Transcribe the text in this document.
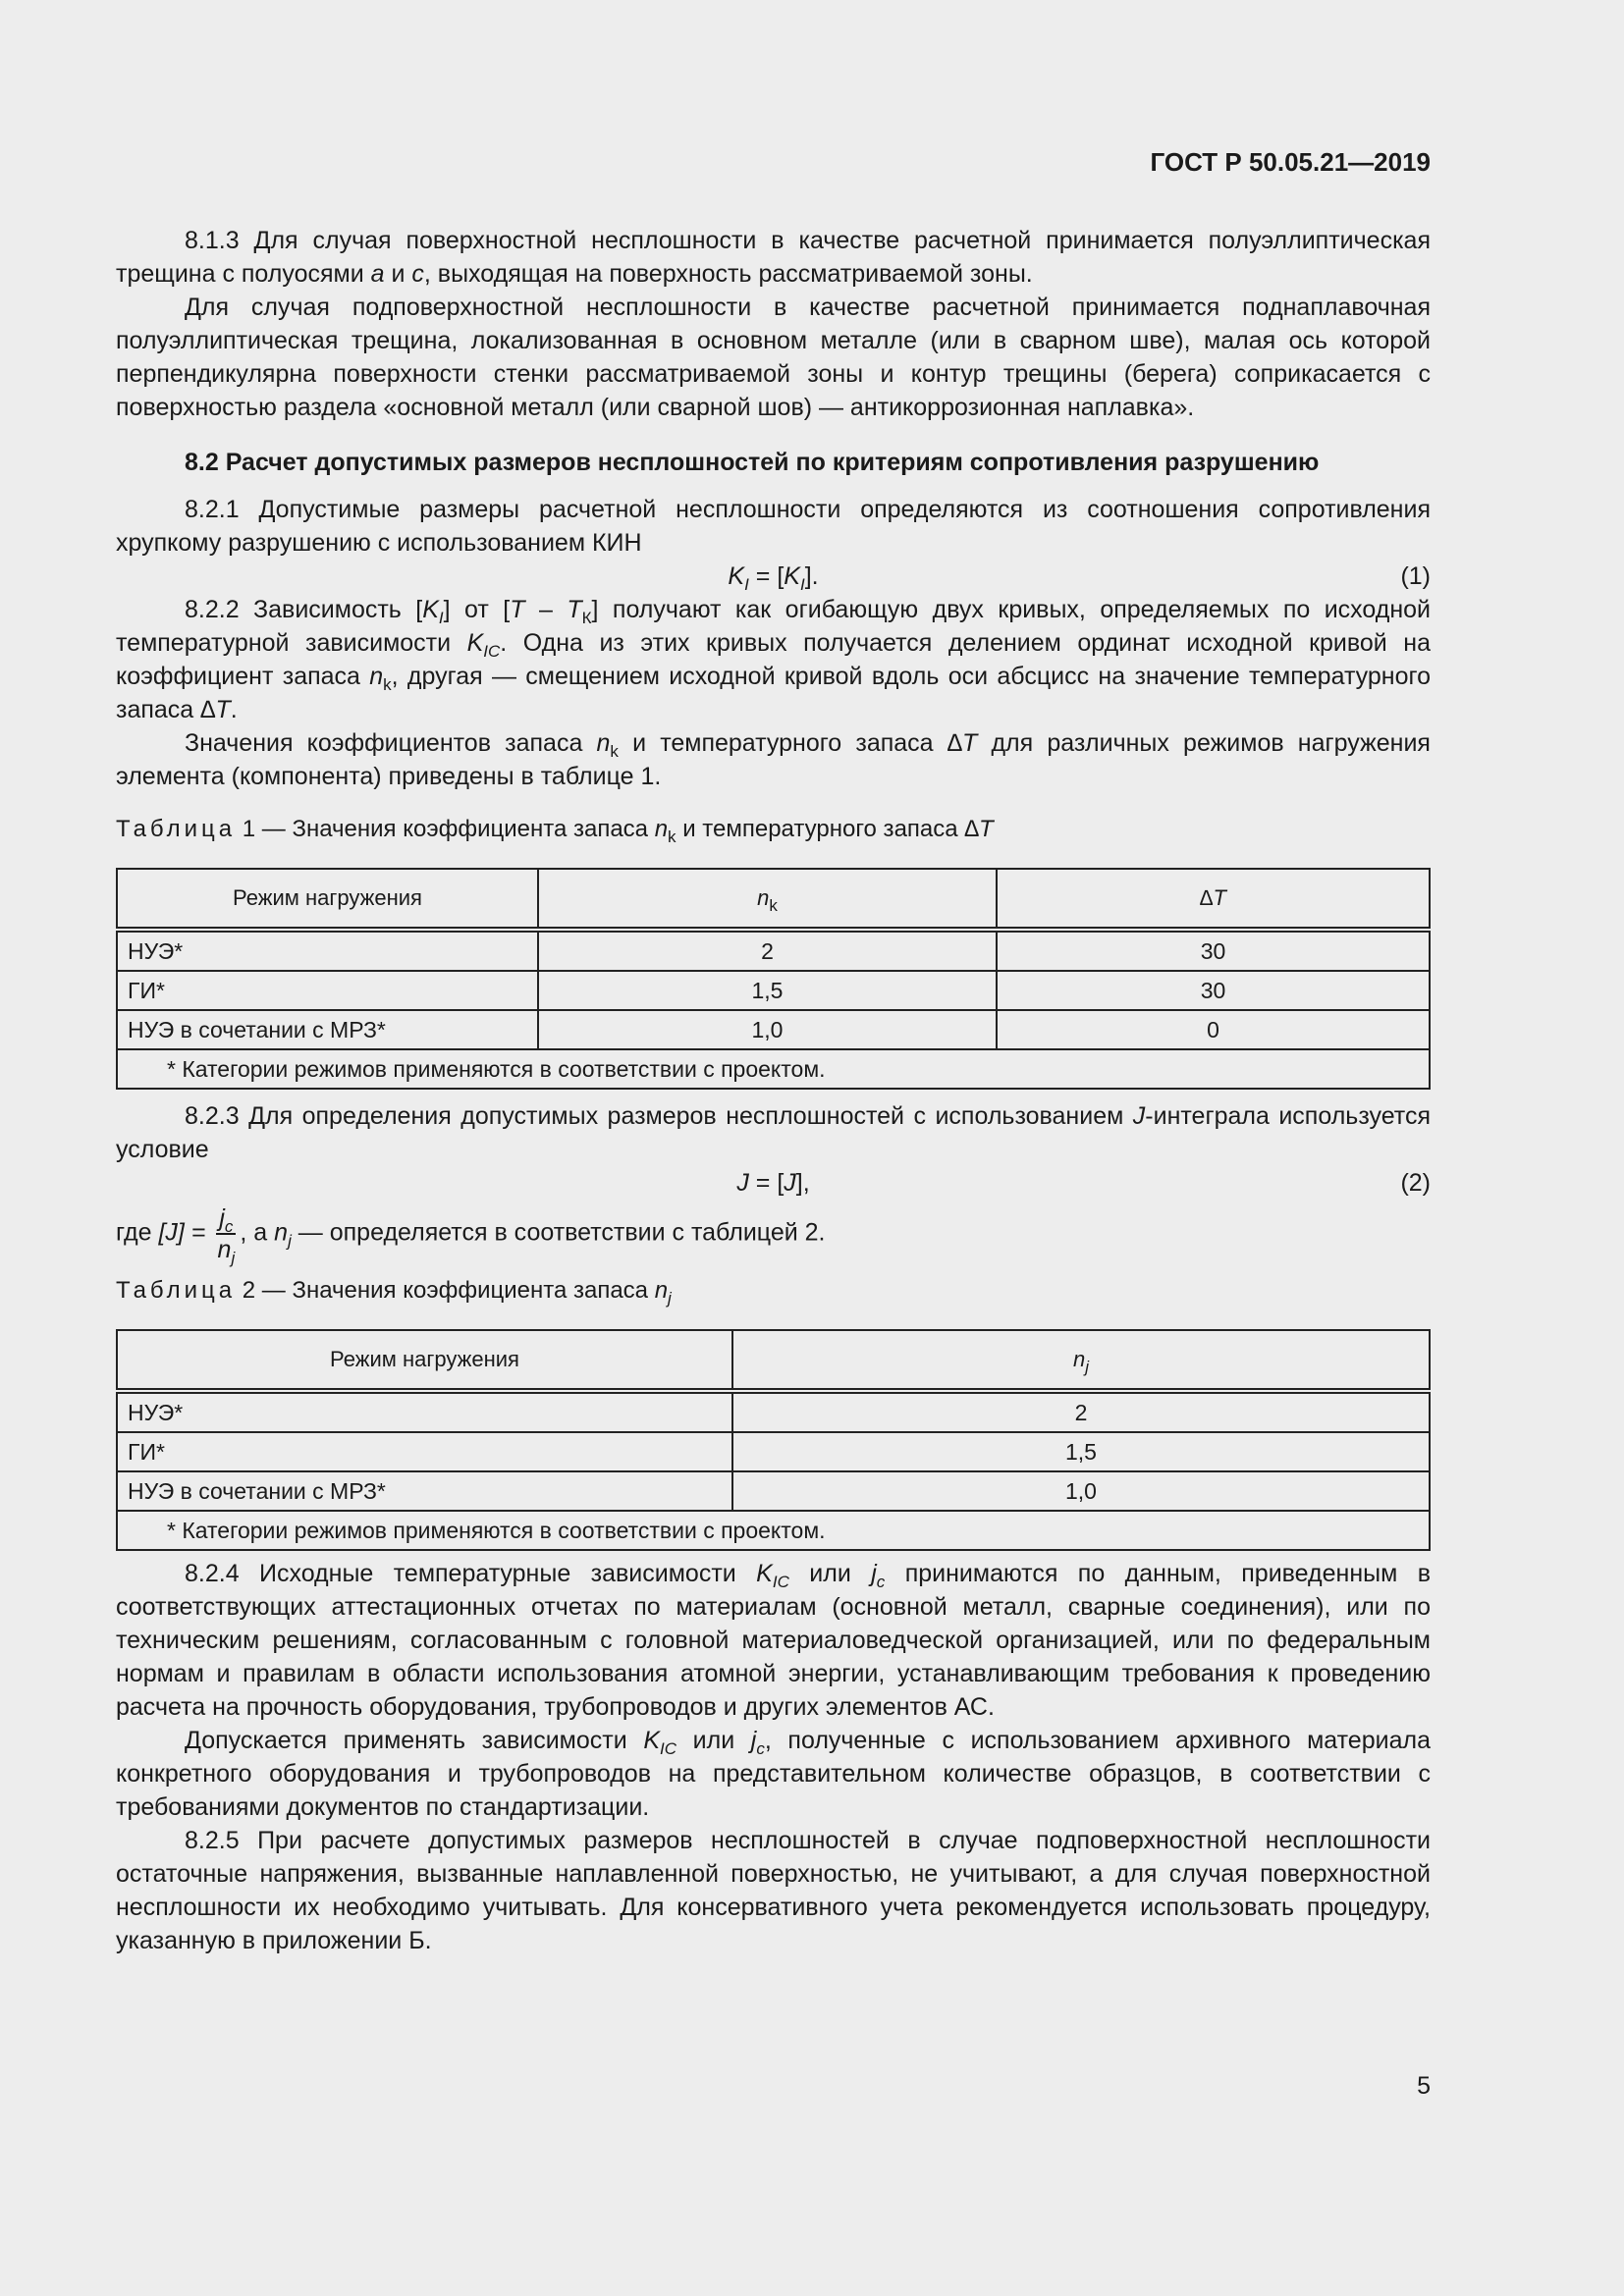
ГОСТ Р 50.05.21—2019

8.1.3 Для случая поверхностной несплошности в качестве расчетной принимается полуэллиптическая трещина с полуосями a и c, выходящая на поверхность рассматриваемой зоны.

Для случая подповерхностной несплошности в качестве расчетной принимается поднаплавочная полуэллиптическая трещина, локализованная в основном металле (или в сварном шве), малая ось которой перпендикулярна поверхности стенки рассматриваемой зоны и контур трещины (берега) соприкасается с поверхностью раздела «основной металл (или сварной шов) — антикоррозионная наплавка».

8.2 Расчет допустимых размеров несплошностей по критериям сопротивления разрушению

8.2.1 Допустимые размеры расчетной несплошности определяются из соотношения сопротивления хрупкому разрушению с использованием КИН

$K_I = [K_I]$.	(1)

8.2.2 Зависимость $[K_I]$ от $[T - T_К]$ получают как огибающую двух кривых, определяемых по исходной температурной зависимости $K_{IC}$. Одна из этих кривых получается делением ординат исходной кривой на коэффициент запаса $n_k$, другая — смещением исходной кривой вдоль оси абсцисс на значение температурного запаса ∆T.

Значения коэффициентов запаса $n_k$ и температурного запаса ∆T для различных режимов нагружения элемента (компонента) приведены в таблице 1.

Таблица 1 — Значения коэффициента запаса $n_k$ и температурного запаса ∆T

Режим нагружения	$n_k$	∆T
НУЭ*	2	30
ГИ*	1,5	30
НУЭ в сочетании с МРЗ*	1,0	0
* Категории режимов применяются в соответствии с проектом.		

8.2.3 Для определения допустимых размеров несплошностей с использованием J-интеграла используется условие

J = [J],	(2)

где $[J] = \frac{j_c}{n_j}$ , а $n_j$ — определяется в соответствии с таблицей 2.

Таблица 2 — Значения коэффициента запаса $n_j$

Режим нагружения	$n_j$
НУЭ*	2
ГИ*	1,5
НУЭ в сочетании с МРЗ*	1,0
* Категории режимов применяются в соответствии с проектом.	

8.2.4 Исходные температурные зависимости $K_{IC}$ или $j_c$ принимаются по данным, приведенным в соответствующих аттестационных отчетах по материалам (основной металл, сварные соединения), или по техническим решениям, согласованным с головной материаловедческой организацией, или по федеральным нормам и правилам в области использования атомной энергии, устанавливающим требования к проведению расчета на прочность оборудования, трубопроводов и других элементов АС.

Допускается применять зависимости $K_{IC}$ или $j_c$, полученные с использованием архивного материала конкретного оборудования и трубопроводов на представительном количестве образцов, в соответствии с требованиями документов по стандартизации.

8.2.5 При расчете допустимых размеров несплошностей в случае подповерхностной несплошности остаточные напряжения, вызванные наплавленной поверхностью, не учитывают, а для случая поверхностной несплошности их необходимо учитывать. Для консервативного учета рекомендуется использовать процедуру, указанную в приложении Б.

5
